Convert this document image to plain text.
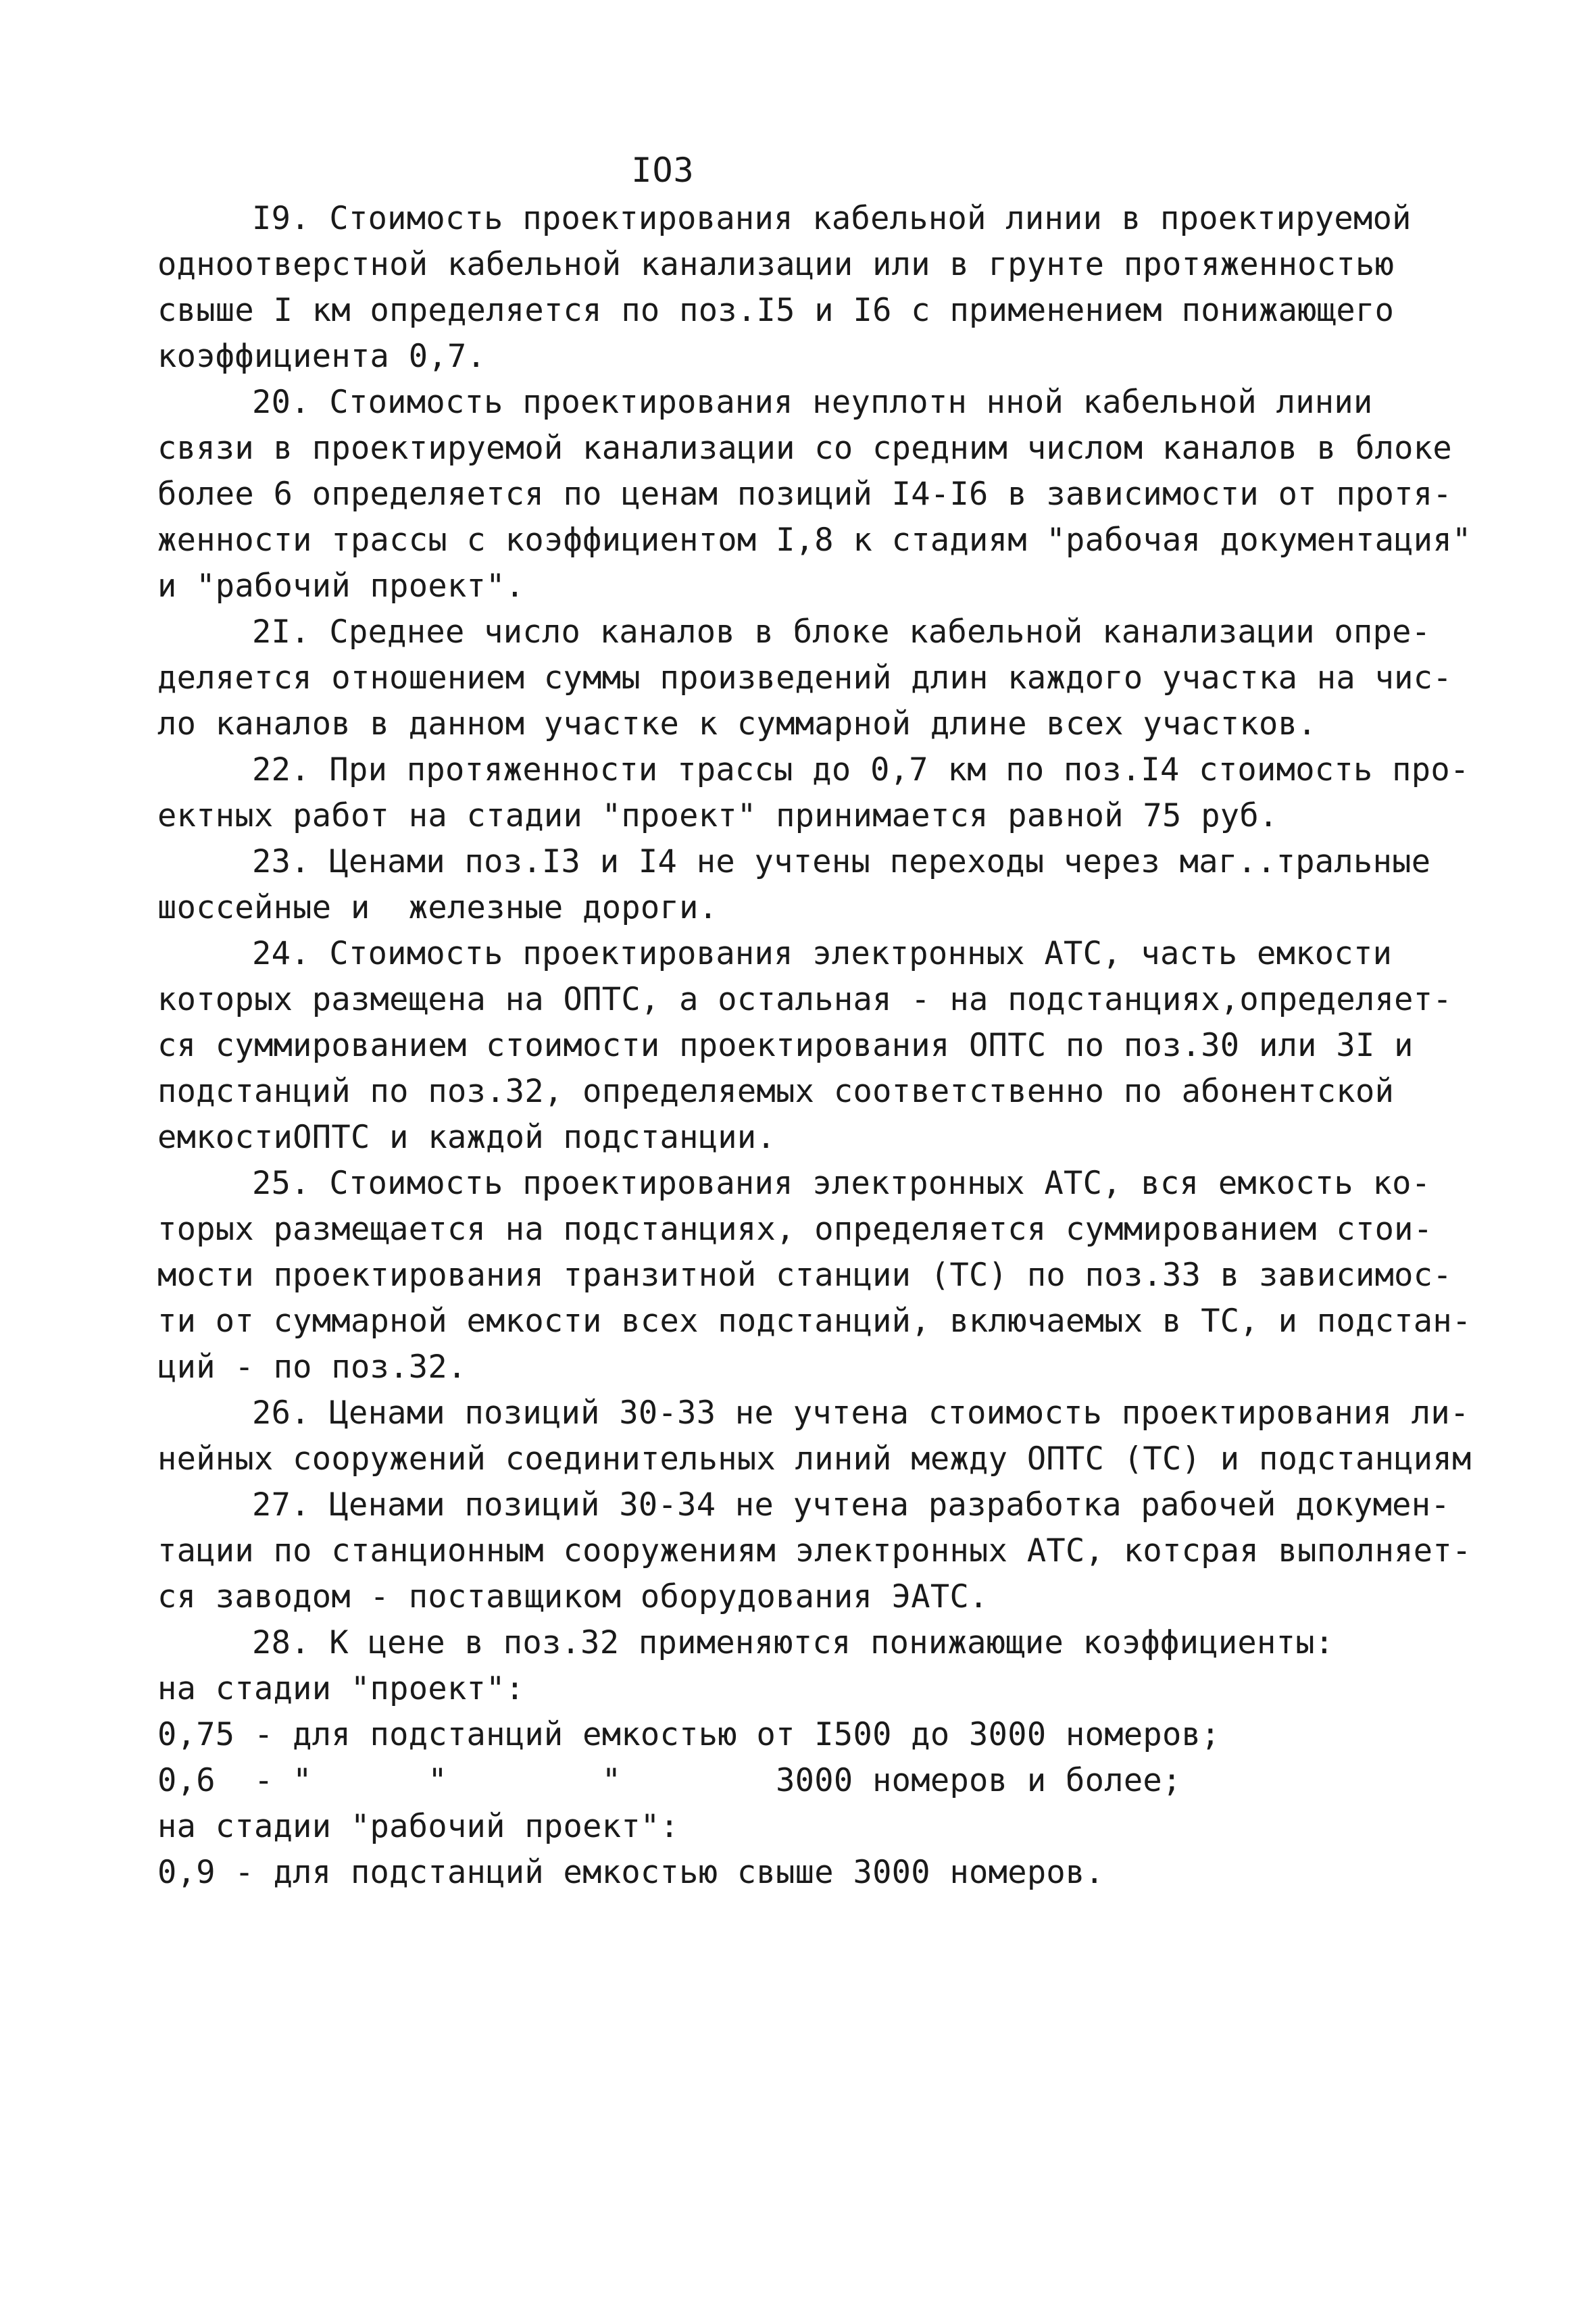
IO3
I9. Стоимость проектирования кабельной линии в проектируемой
одноотверстной кабельной канализации или в грунте протяженностью
свыше I км определяется по поз.I5 и I6 с применением понижающего
коэффициента 0,7.
20. Стоимость проектирования неуплотн нной кабельной линии
связи в проектируемой канализации со средним числом каналов в блоке
более 6 определяется по ценам позиций I4-I6 в зависимости от протя-
женности трассы с коэффициентом I,8 к стадиям "рабочая документация"
и "рабочий проект".
2I. Среднее число каналов в блоке кабельной канализации опре-
деляется отношением суммы произведений длин каждого участка на чис-
ло каналов в данном участке к суммарной длине всех участков.
22. При протяженности трассы до 0,7 км по поз.I4 стоимость про-
ектных работ на стадии "проект" принимается равной 75 руб.
23. Ценами поз.I3 и I4 не учтены переходы через маг..тральные
шоссейные и  железные дороги.
24. Стоимость проектирования электронных АТС, часть емкости
которых размещена на ОПТС, а остальная - на подстанциях,определяет-
ся суммированием стоимости проектирования ОПТС по поз.30 или 3I и
подстанций по поз.32, определяемых соответственно по абонентской
емкостиОПТС и каждой подстанции.
25. Стоимость проектирования электронных АТС, вся емкость ко-
торых размещается на подстанциях, определяется суммированием стои-
мости проектирования транзитной станции (ТС) по поз.33 в зависимос-
ти от суммарной емкости всех подстанций, включаемых в ТС, и подстан-
ций - по поз.32.
26. Ценами позиций 30-33 не учтена стоимость проектирования ли-
нейных сооружений соединительных линий между ОПТС (ТС) и подстанциям
27. Ценами позиций 30-34 не учтена разработка рабочей докумен-
тации по станционным сооружениям электронных АТС, котсрая выполняет-
ся заводом - поставщиком оборудования ЭАТС.
28. К цене в поз.32 применяются понижающие коэффициенты:
на стадии "проект":
0,75 - для подстанций емкостью от I500 до 3000 номеров;
0,6  - "      "        "        3000 номеров и более;
на стадии "рабочий проект":
0,9 - для подстанций емкостью свыше 3000 номеров.
